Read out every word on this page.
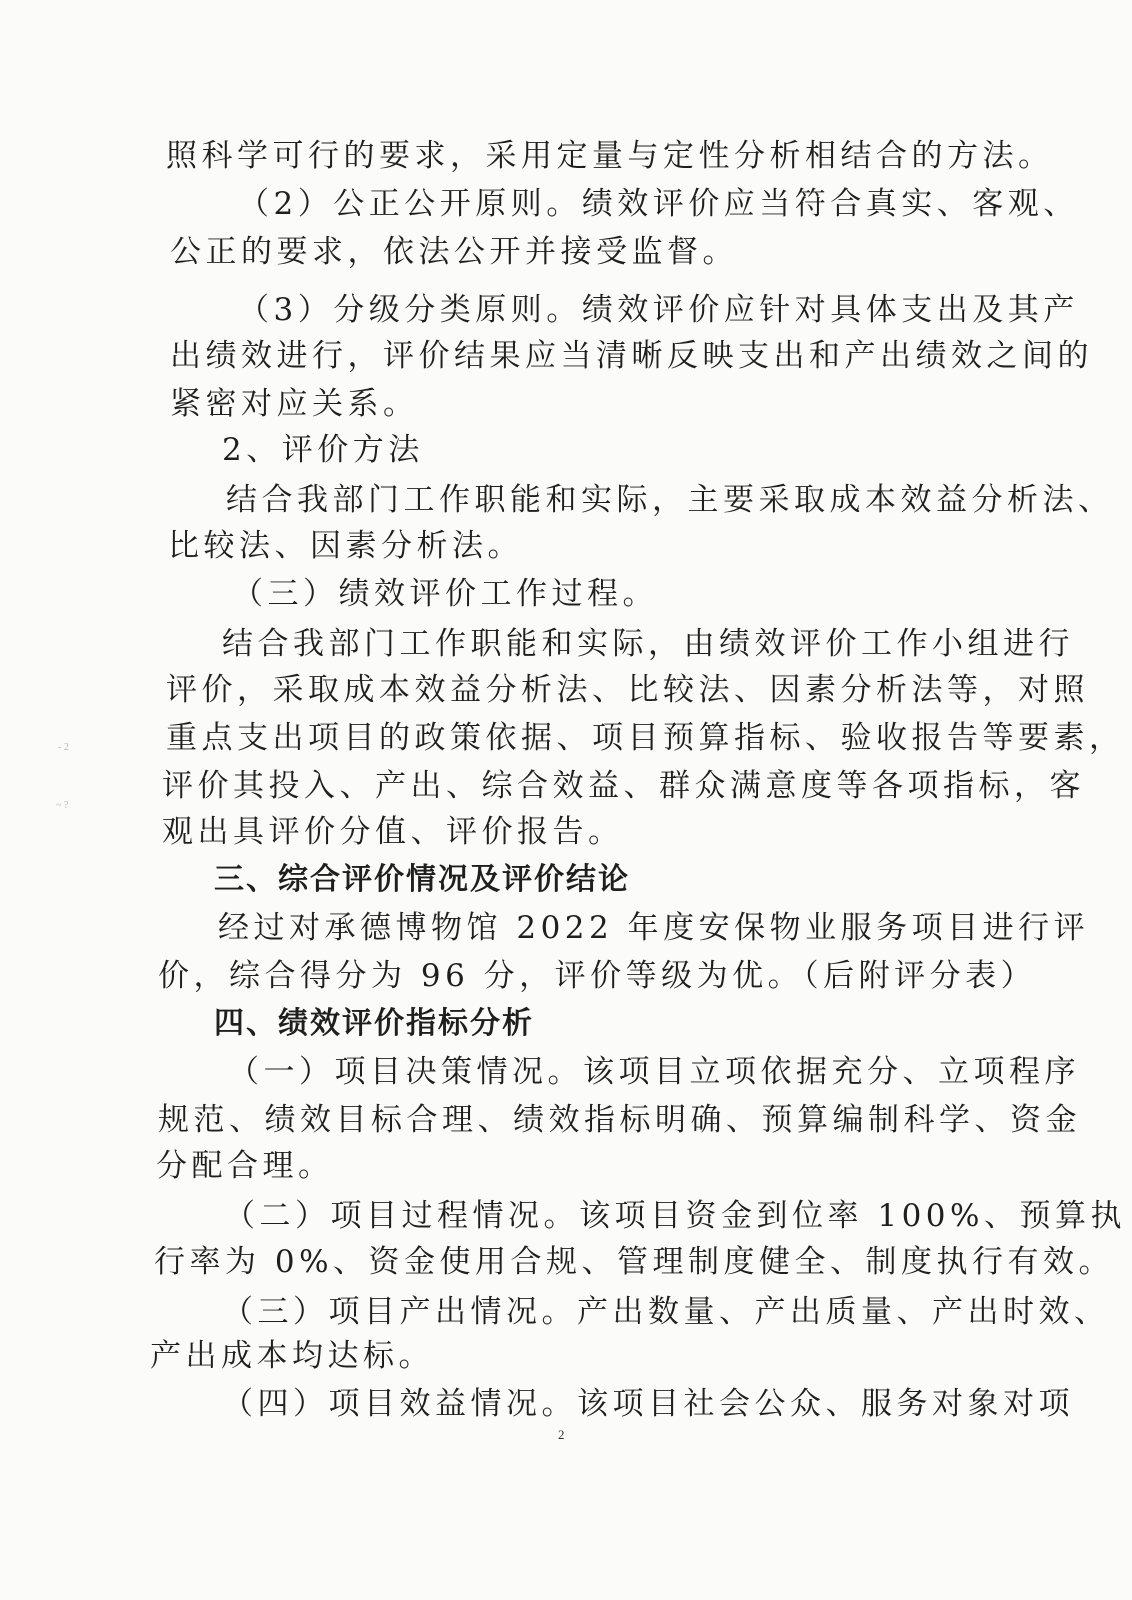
照科学可行的要求，采用定量与定性分析相结合的方法。
（2）公正公开原则。绩效评价应当符合真实、客观、
公正的要求，依法公开并接受监督。
（3）分级分类原则。绩效评价应针对具体支出及其产
出绩效进行，评价结果应当清晰反映支出和产出绩效之间的
紧密对应关系。
2、评价方法
结合我部门工作职能和实际，主要采取成本效益分析法、
比较法、因素分析法。
（三）绩效评价工作过程。
结合我部门工作职能和实际，由绩效评价工作小组进行
评价，采取成本效益分析法、比较法、因素分析法等，对照
重点支出项目的政策依据、项目预算指标、验收报告等要素，
评价其投入、产出、综合效益、群众满意度等各项指标，客
观出具评价分值、评价报告。
三、综合评价情况及评价结论
经过对承德博物馆 2022 年度安保物业服务项目进行评
价，综合得分为 96 分，评价等级为优。（后附评分表）
四、绩效评价指标分析
（一）项目决策情况。该项目立项依据充分、立项程序
规范、绩效目标合理、绩效指标明确、预算编制科学、资金
分配合理。
（二）项目过程情况。该项目资金到位率 100%、预算执
行率为 0%、资金使用合规、管理制度健全、制度执行有效。
（三）项目产出情况。产出数量、产出质量、产出时效、
产出成本均达标。
（四）项目效益情况。该项目社会公众、服务对象对项
2
- 2
~ ?
